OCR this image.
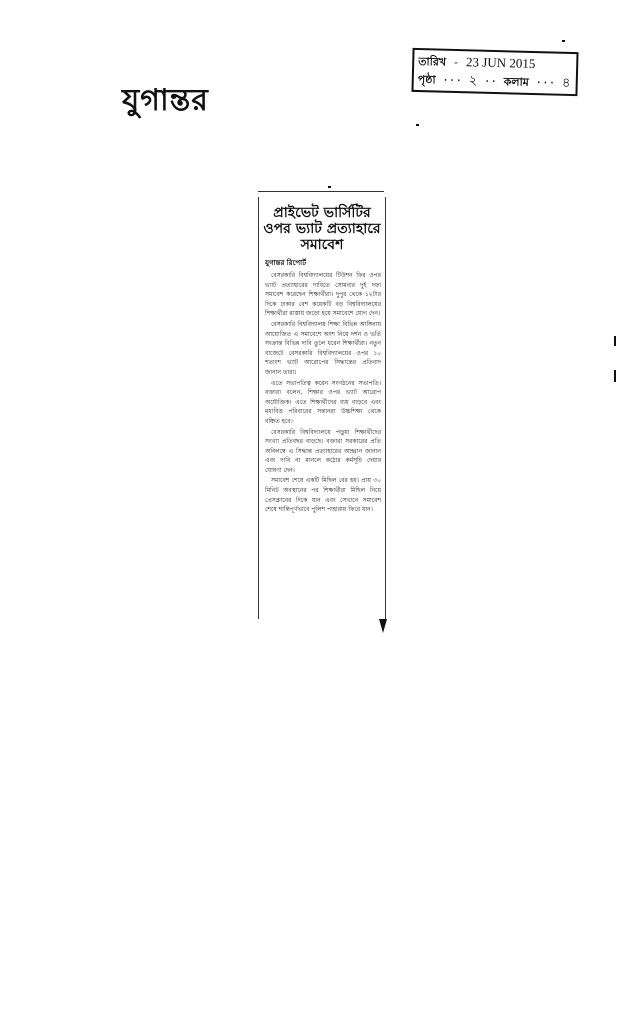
যুগান্তর
তারিখ - 23 JUN 2015
পৃষ্ঠা ··· ২ ·· কলাম ··· ৪
প্রাইভেট ভার্সিটির
ওপর ভ্যাট প্রত্যাহারে
সমাবেশ
যুগান্তর রিপোর্ট

বেসরকারি বিশ্ববিদ্যালয়ের টিউশন ফির ওপর ভ্যাট প্রত্যাহারের দাবিতে সোমবার দুই দফা সমাবেশ করেছেন শিক্ষার্থীরা। দুপুর থেকে ১২টার দিকে ঢাকার বেশ কয়েকটি বড় বিশ্ববিদ্যালয়ের শিক্ষার্থীরা রাস্তায় জড়ো হয়ে সমাবেশে যোগ দেন।

বেসরকারি বিশ্ববিদ্যালয় শিক্ষা বিভিন্ন আঙ্গিনায় আয়োজিত এ সমাবেশে অংশ নিয়ে দর্শন ও ভর্তি সংক্রান্ত বিভিন্ন দাবি তুলে ধরেন শিক্ষার্থীরা। নতুন বাজেটে বেসরকারি বিশ্ববিদ্যালয়ের ওপর ১০ শতাংশ ভ্যাট আরোপের সিদ্ধান্তের প্রতিবাদ জানান তারা।

এতে সভাপতিত্ব করেন সংগঠনের সভাপতি। বক্তারা বলেন, শিক্ষার ওপর ভ্যাট আরোপ অযৌক্তিক। এতে শিক্ষার্থীদের ব্যয় বাড়বে এবং মধ্যবিত্ত পরিবারের সন্তানরা উচ্চশিক্ষা থেকে বঞ্চিত হবে।

বেসরকারি বিশ্ববিদ্যালয়ে পড়ুয়া শিক্ষার্থীদের সংখ্যা প্রতিবছর বাড়ছে। বক্তারা সরকারের প্রতি অবিলম্বে এ সিদ্ধান্ত প্রত্যাহারের আহ্বান জানান এবং দাবি না মানলে কঠোর কর্মসূচি দেয়ার ঘোষণা দেন।

সমাবেশ শেষে একটি মিছিল বের হয়। প্রায় ৩০ মিনিট অবস্থানের পর শিক্ষার্থীরা মিছিল নিয়ে প্রেসক্লাবের দিকে যান এবং সেখানে সমাবেশ শেষে শান্তিপূর্ণভাবে পুলিশ পাহারায় ফিরে যান।
